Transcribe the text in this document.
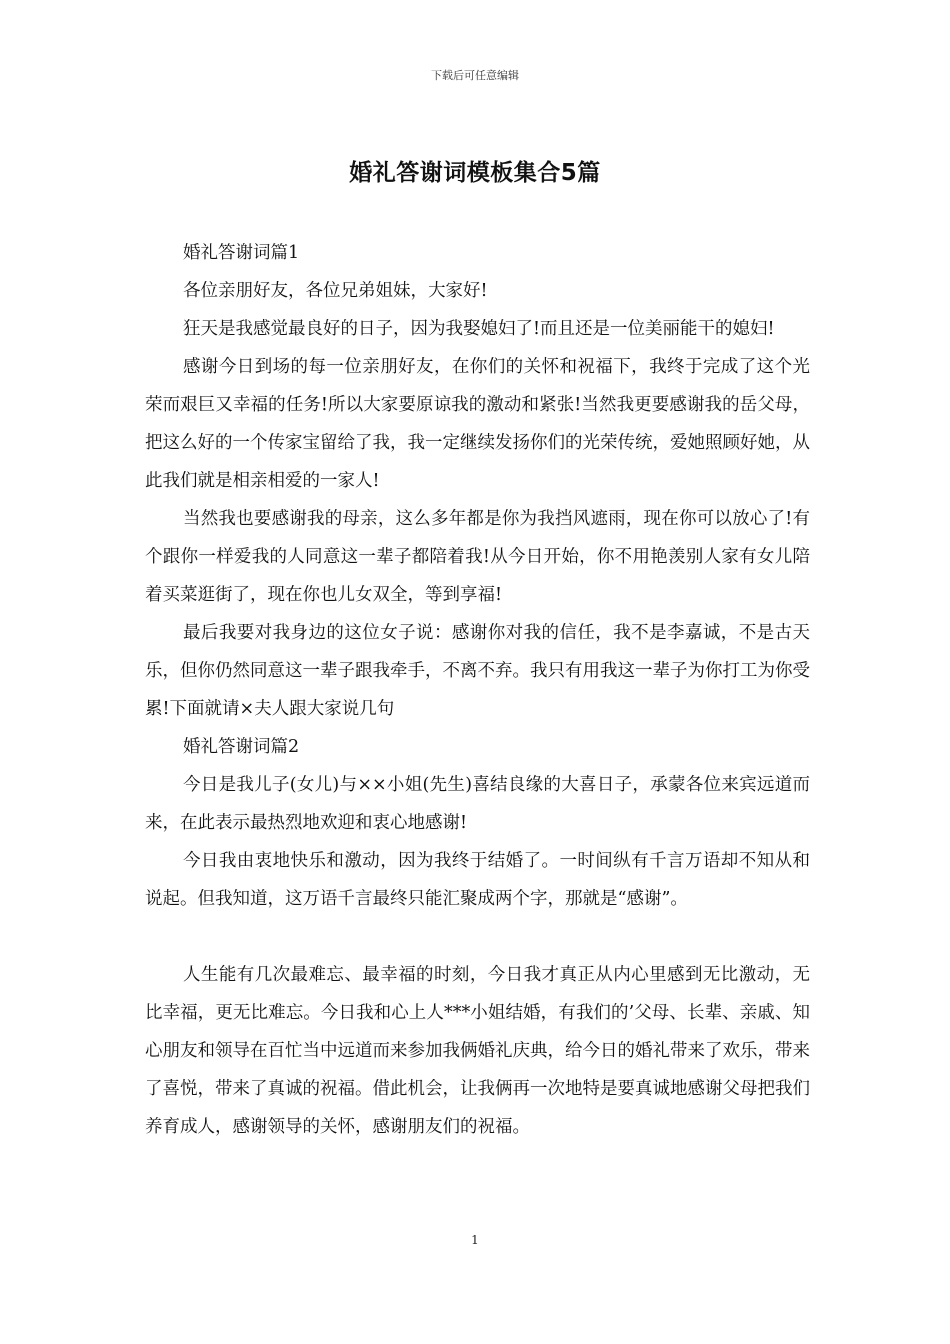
下载后可任意编辑
婚礼答谢词模板集合5篇

婚礼答谢词篇1

各位亲朋好友，各位兄弟姐妹，大家好!

狂天是我感觉最良好的日子，因为我娶媳妇了!而且还是一位美丽能干的媳妇!

感谢今日到场的每一位亲朋好友，在你们的关怀和祝福下，我终于完成了这个光荣而艰巨又幸福的任务!所以大家要原谅我的激动和紧张!当然我更要感谢我的岳父母，把这么好的一个传家宝留给了我，我一定继续发扬你们的光荣传统，爱她照顾好她，从此我们就是相亲相爱的一家人!

当然我也要感谢我的母亲，这么多年都是你为我挡风遮雨，现在你可以放心了!有个跟你一样爱我的人同意这一辈子都陪着我!从今日开始，你不用艳羡别人家有女儿陪着买菜逛街了，现在你也儿女双全，等到享福!

最后我要对我身边的这位女子说：感谢你对我的信任，我不是李嘉诚，不是古天乐，但你仍然同意这一辈子跟我牵手，不离不弃。我只有用我这一辈子为你打工为你受累!下面就请×夫人跟大家说几句

婚礼答谢词篇2

今日是我儿子(女儿)与××小姐(先生)喜结良缘的大喜日子，承蒙各位来宾远道而来，在此表示最热烈地欢迎和衷心地感谢!

今日我由衷地快乐和激动，因为我终于结婚了。一时间纵有千言万语却不知从和说起。但我知道，这万语千言最终只能汇聚成两个字，那就是“感谢”。

人生能有几次最难忘、最幸福的时刻，今日我才真正从内心里感到无比激动，无比幸福，更无比难忘。今日我和心上人***小姐结婚，有我们的’父母、长辈、亲戚、知心朋友和领导在百忙当中远道而来参加我俩婚礼庆典，给今日的婚礼带来了欢乐，带来了喜悦，带来了真诚的祝福。借此机会，让我俩再一次地特是要真诚地感谢父母把我们养育成人，感谢领导的关怀，感谢朋友们的祝福。

1
